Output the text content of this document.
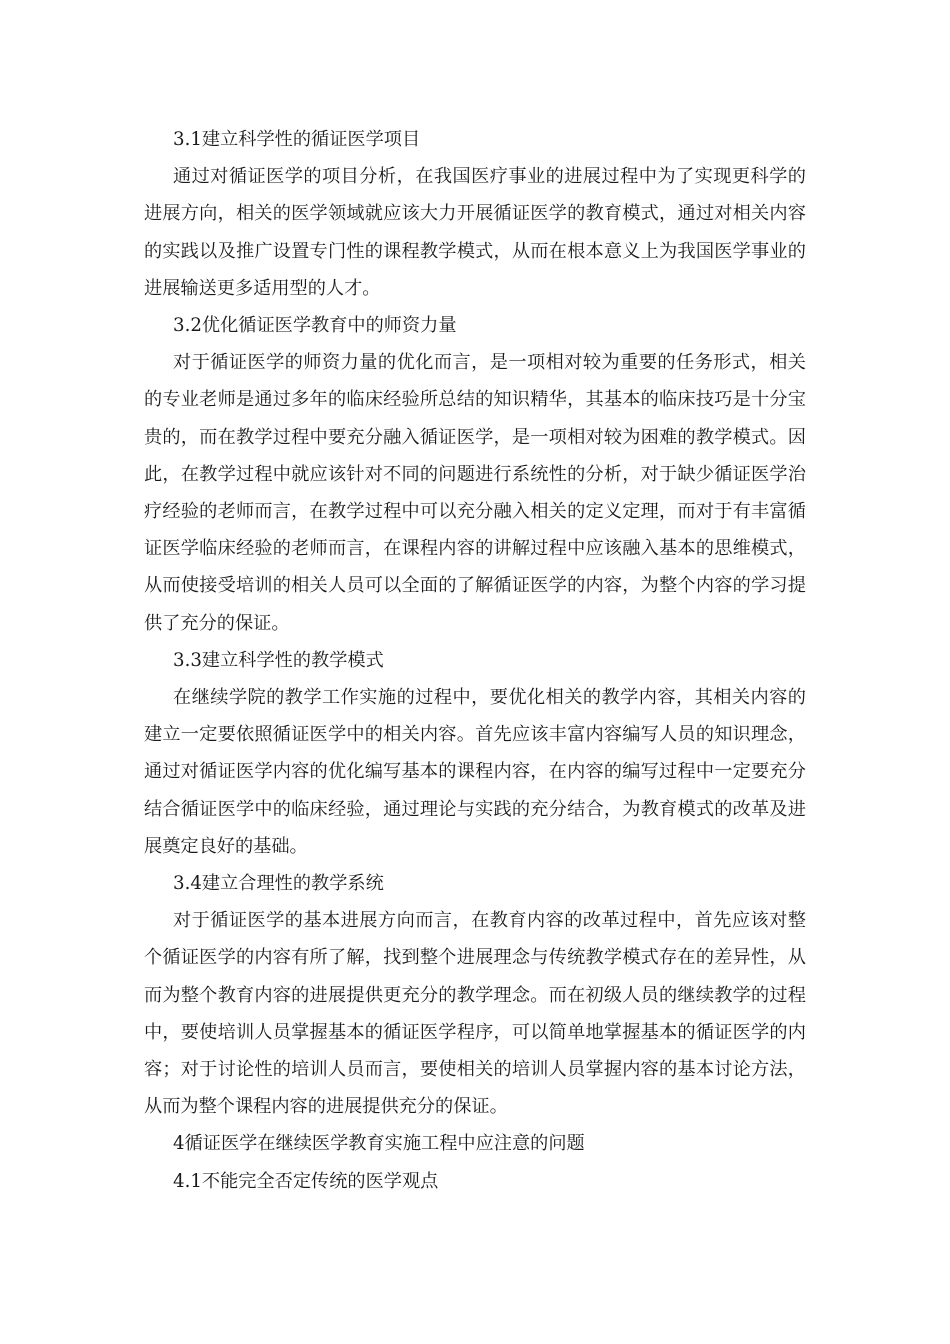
3.1建立科学性的循证医学项目

通过对循证医学的项目分析，在我国医疗事业的进展过程中为了实现更科学的进展方向，相关的医学领域就应该大力开展循证医学的教育模式，通过对相关内容的实践以及推广设置专门性的课程教学模式，从而在根本意义上为我国医学事业的进展输送更多适用型的人才。

3.2优化循证医学教育中的师资力量

对于循证医学的师资力量的优化而言，是一项相对较为重要的任务形式，相关的专业老师是通过多年的临床经验所总结的知识精华，其基本的临床技巧是十分宝贵的，而在教学过程中要充分融入循证医学，是一项相对较为困难的教学模式。因此，在教学过程中就应该针对不同的问题进行系统性的分析，对于缺少循证医学治疗经验的老师而言，在教学过程中可以充分融入相关的定义定理，而对于有丰富循证医学临床经验的老师而言，在课程内容的讲解过程中应该融入基本的思维模式，从而使接受培训的相关人员可以全面的了解循证医学的内容，为整个内容的学习提供了充分的保证。

3.3建立科学性的教学模式

在继续学院的教学工作实施的过程中，要优化相关的教学内容，其相关内容的建立一定要依照循证医学中的相关内容。首先应该丰富内容编写人员的知识理念，通过对循证医学内容的优化编写基本的课程内容，在内容的编写过程中一定要充分结合循证医学中的临床经验，通过理论与实践的充分结合，为教育模式的改革及进展奠定良好的基础。

3.4建立合理性的教学系统

对于循证医学的基本进展方向而言，在教育内容的改革过程中，首先应该对整个循证医学的内容有所了解，找到整个进展理念与传统教学模式存在的差异性，从而为整个教育内容的进展提供更充分的教学理念。而在初级人员的继续教学的过程中，要使培训人员掌握基本的循证医学程序，可以简单地掌握基本的循证医学的内容；对于讨论性的培训人员而言，要使相关的培训人员掌握内容的基本讨论方法，从而为整个课程内容的进展提供充分的保证。

4循证医学在继续医学教育实施工程中应注意的问题

4.1不能完全否定传统的医学观点
